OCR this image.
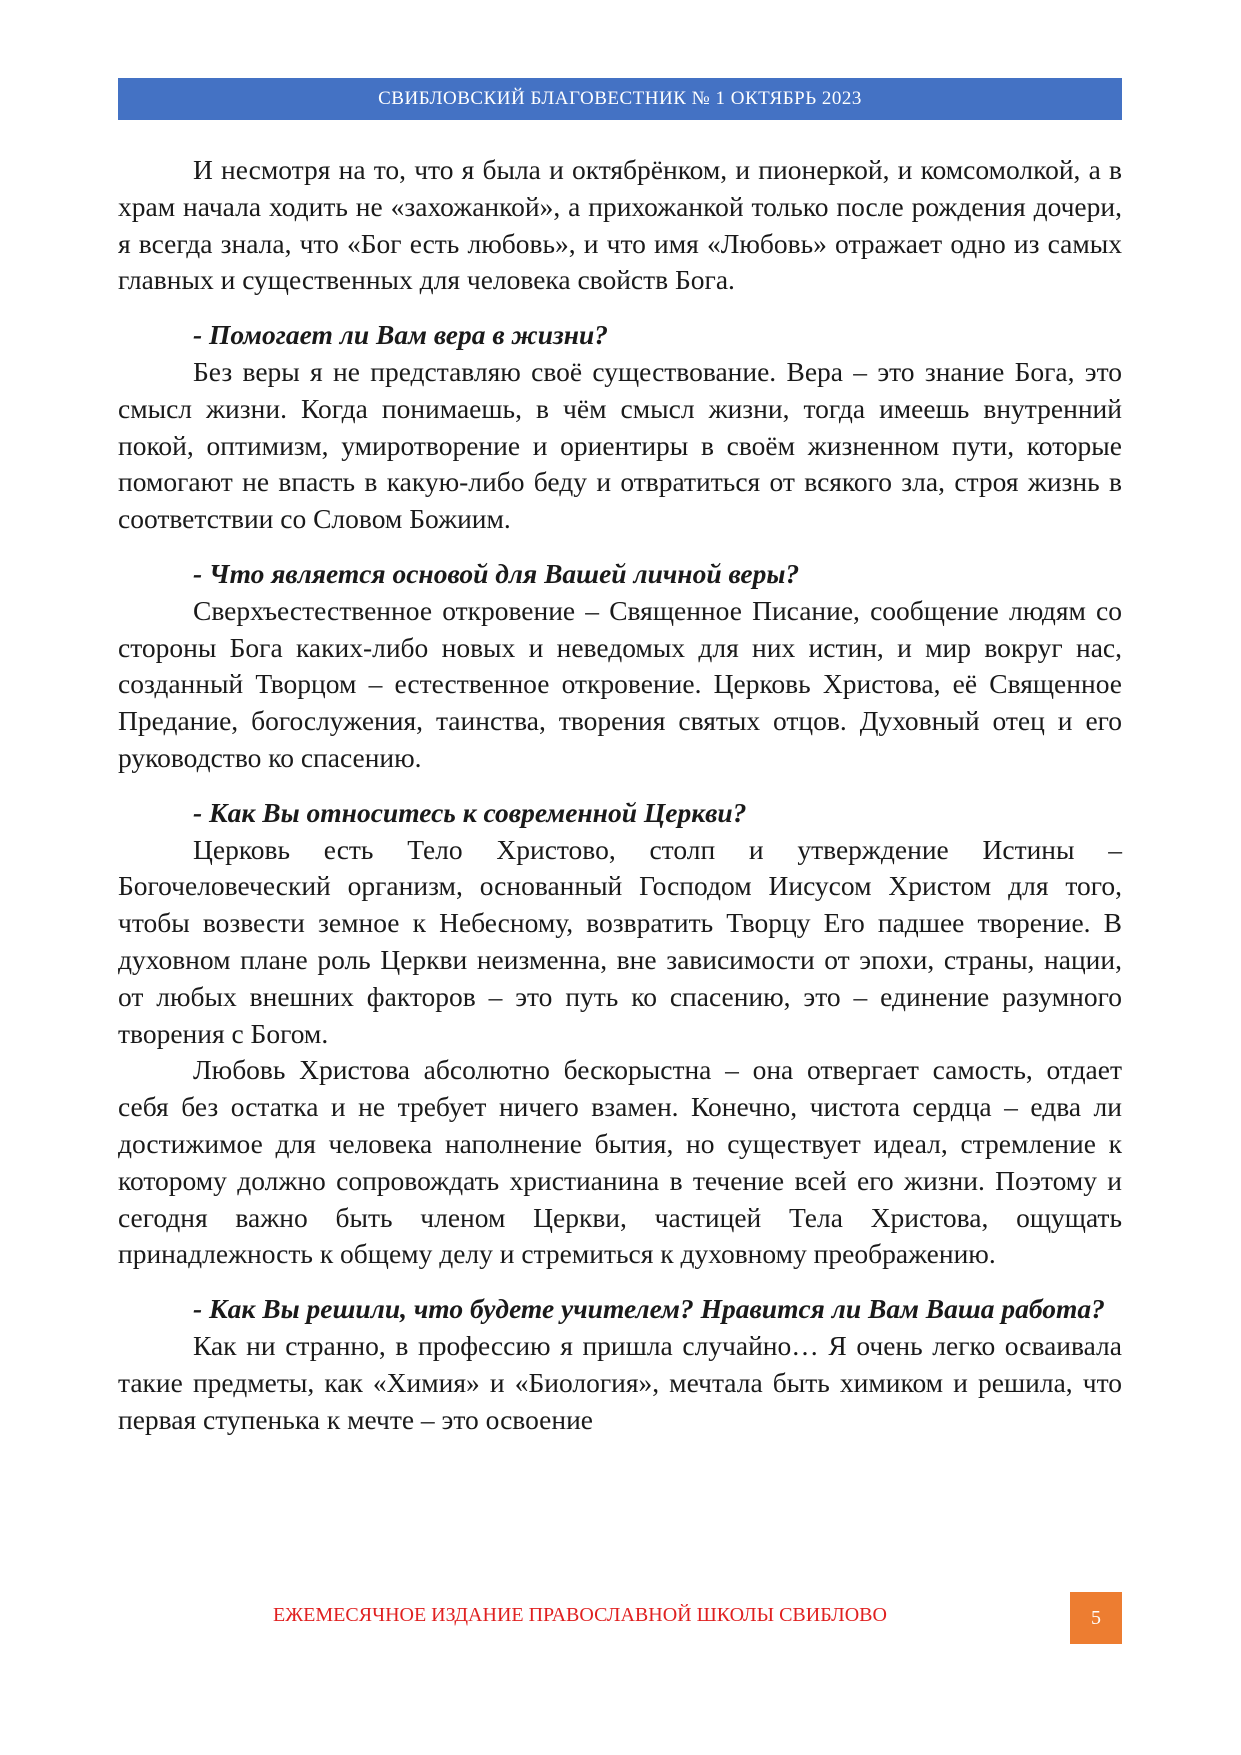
СВИБЛОВСКИЙ БЛАГОВЕСТНИК № 1 ОКТЯБРЬ 2023

И несмотря на то, что я была и октябрёнком, и пионеркой, и комсомолкой, а в храм начала ходить не «захожанкой», а прихожанкой только после рождения дочери, я всегда знала, что «Бог есть любовь», и что имя «Любовь» отражает одно из самых главных и существенных для человека свойств Бога.

- Помогает ли Вам вера в жизни?

Без веры я не представляю своё существование. Вера – это знание Бога, это смысл жизни. Когда понимаешь, в чём смысл жизни, тогда имеешь внутренний покой, оптимизм, умиротворение и ориентиры в своём жизненном пути, которые помогают не впасть в какую-либо беду и отвратиться от всякого зла, строя жизнь в соответствии со Словом Божиим.

- Что является основой для Вашей личной веры?

Сверхъестественное откровение – Священное Писание, сообщение людям со стороны Бога каких-либо новых и неведомых для них истин, и мир вокруг нас, созданный Творцом – естественное откровение. Церковь Христова, её Священное Предание, богослужения, таинства, творения святых отцов. Духовный отец и его руководство ко спасению.

- Как Вы относитесь к современной Церкви?

Церковь есть Тело Христово, столп и утверждение Истины – Богочеловеческий организм, основанный Господом Иисусом Христом для того, чтобы возвести земное к Небесному, возвратить Творцу Его падшее творение. В духовном плане роль Церкви неизменна, вне зависимости от эпохи, страны, нации, от любых внешних факторов – это путь ко спасению, это – единение разумного творения с Богом.

Любовь Христова абсолютно бескорыстна – она отвергает самость, отдает себя без остатка и не требует ничего взамен. Конечно, чистота сердца – едва ли достижимое для человека наполнение бытия, но существует идеал, стремление к которому должно сопровождать христианина в течение всей его жизни. Поэтому и сегодня важно быть членом Церкви, частицей Тела Христова, ощущать принадлежность к общему делу и стремиться к духовному преображению.

- Как Вы решили, что будете учителем? Нравится ли Вам Ваша работа?

Как ни странно, в профессию я пришла случайно… Я очень легко осваивала такие предметы, как «Химия» и «Биология», мечтала быть химиком и решила, что первая ступенька к мечте – это освоение

ЕЖЕМЕСЯЧНОЕ ИЗДАНИЕ ПРАВОСЛАВНОЙ ШКОЛЫ СВИБЛОВО	5
